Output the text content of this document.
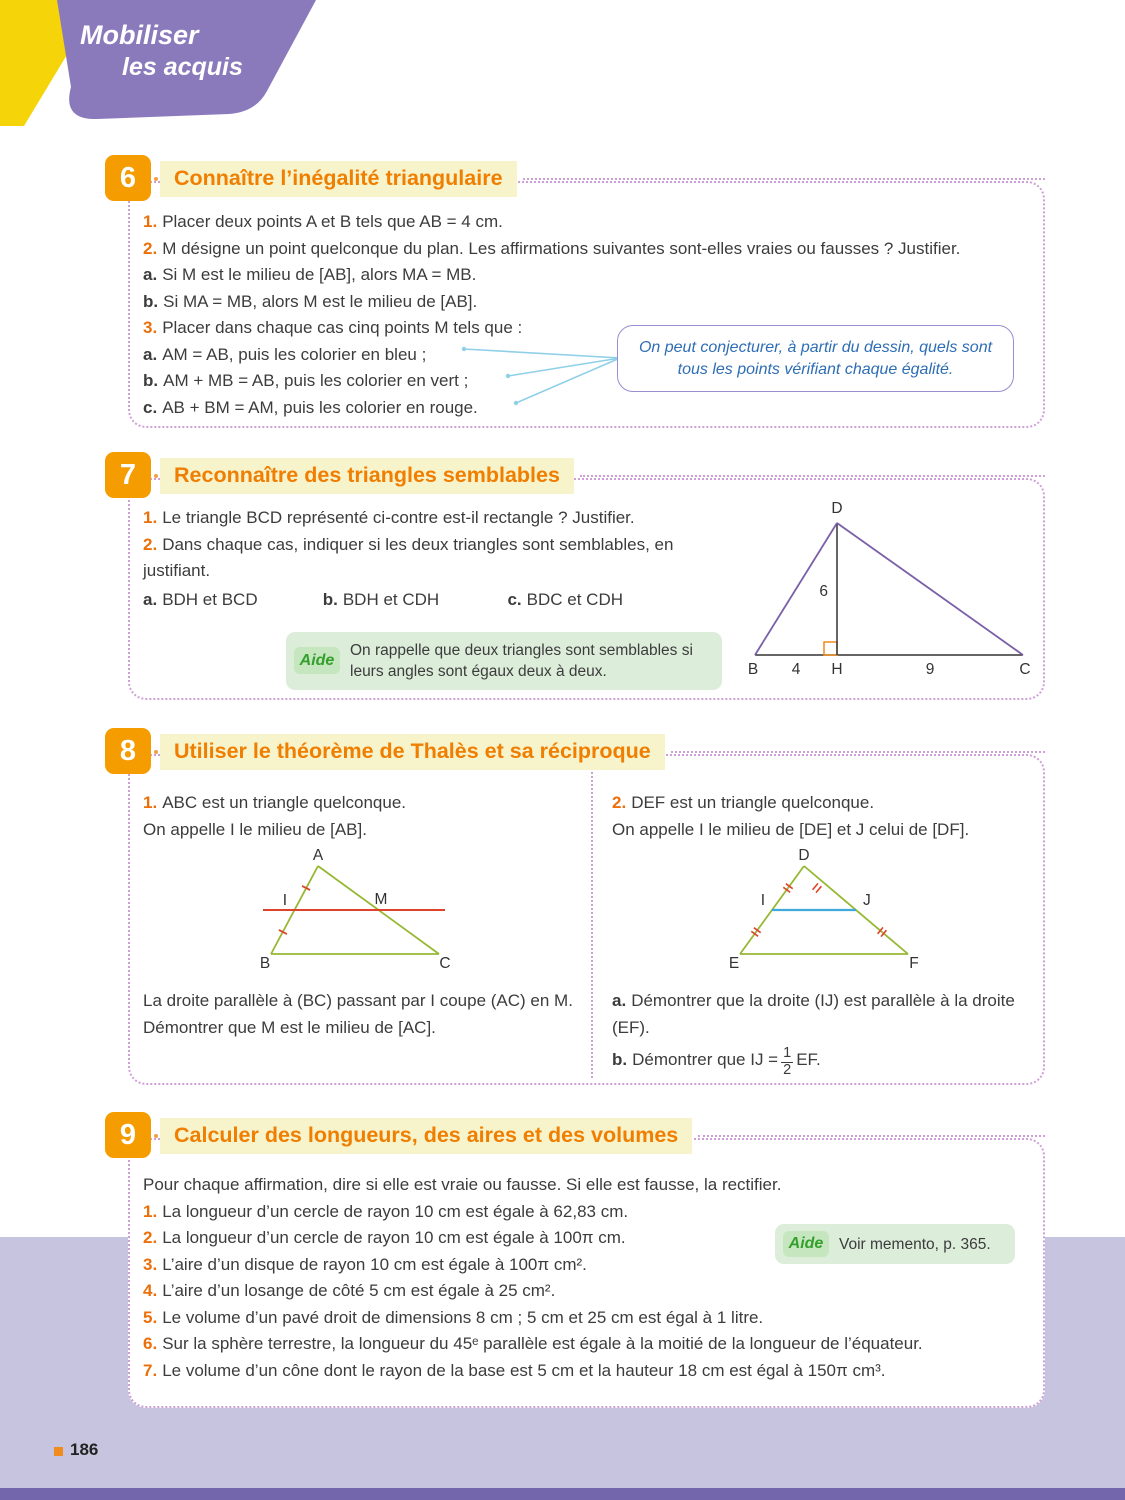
Mobiliser
les acquis
6	Connaître l’inégalité triangulaire
1. Placer deux points A et B tels que AB = 4 cm.
2. M désigne un point quelconque du plan. Les affirmations suivantes sont-elles vraies ou fausses ? Justifier.
a. Si M est le milieu de [AB], alors MA = MB.
b. Si MA = MB, alors M est le milieu de [AB].
3. Placer dans chaque cas cinq points M tels que :
a. AM = AB, puis les colorier en bleu ;
b. AM + MB = AB, puis les colorier en vert ;
c. AB + BM = AM, puis les colorier en rouge.
On peut conjecturer, à partir du dessin, quels sont tous les points vérifiant chaque égalité.
7	Reconnaître des triangles semblables
1. Le triangle BCD représenté ci-contre est-il rectangle ? Justifier.
2. Dans chaque cas, indiquer si les deux triangles sont semblables, en justifiant.
a. BDH et BCD	b. BDH et CDH	c. BDC et CDH
Aide
On rappelle que deux triangles sont semblables si leurs angles sont égaux deux à deux.
D
6
B 4 H	9	C
8	Utiliser le théorème de Thalès et sa réciproque
1. ABC est un triangle quelconque.
On appelle I le milieu de [AB].
A
I	M
B	C
La droite parallèle à (BC) passant par I coupe (AC) en M.
Démontrer que M est le milieu de [AC].
2. DEF est un triangle quelconque.
On appelle I le milieu de [DE] et J celui de [DF].
D
I	J
E	F
a. Démontrer que la droite (IJ) est parallèle à la droite (EF).
b. Démontrer que IJ = $\frac{1}{2}$ EF.
9	Calculer des longueurs, des aires et des volumes
Pour chaque affirmation, dire si elle est vraie ou fausse. Si elle est fausse, la rectifier.
1. La longueur d’un cercle de rayon 10 cm est égale à 62,83 cm.
2. La longueur d’un cercle de rayon 10 cm est égale à 100π cm.
3. L’aire d’un disque de rayon 10 cm est égale à 100π cm².
4. L’aire d’un losange de côté 5 cm est égale à 25 cm².
5. Le volume d’un pavé droit de dimensions 8 cm ; 5 cm et 25 cm est égal à 1 litre.
6. Sur la sphère terrestre, la longueur du 45ᵉ parallèle est égale à la moitié de la longueur de l’équateur.
7. Le volume d’un cône dont le rayon de la base est 5 cm et la hauteur 18 cm est égal à 150π cm³.
Aide	Voir memento, p. 365.
186
